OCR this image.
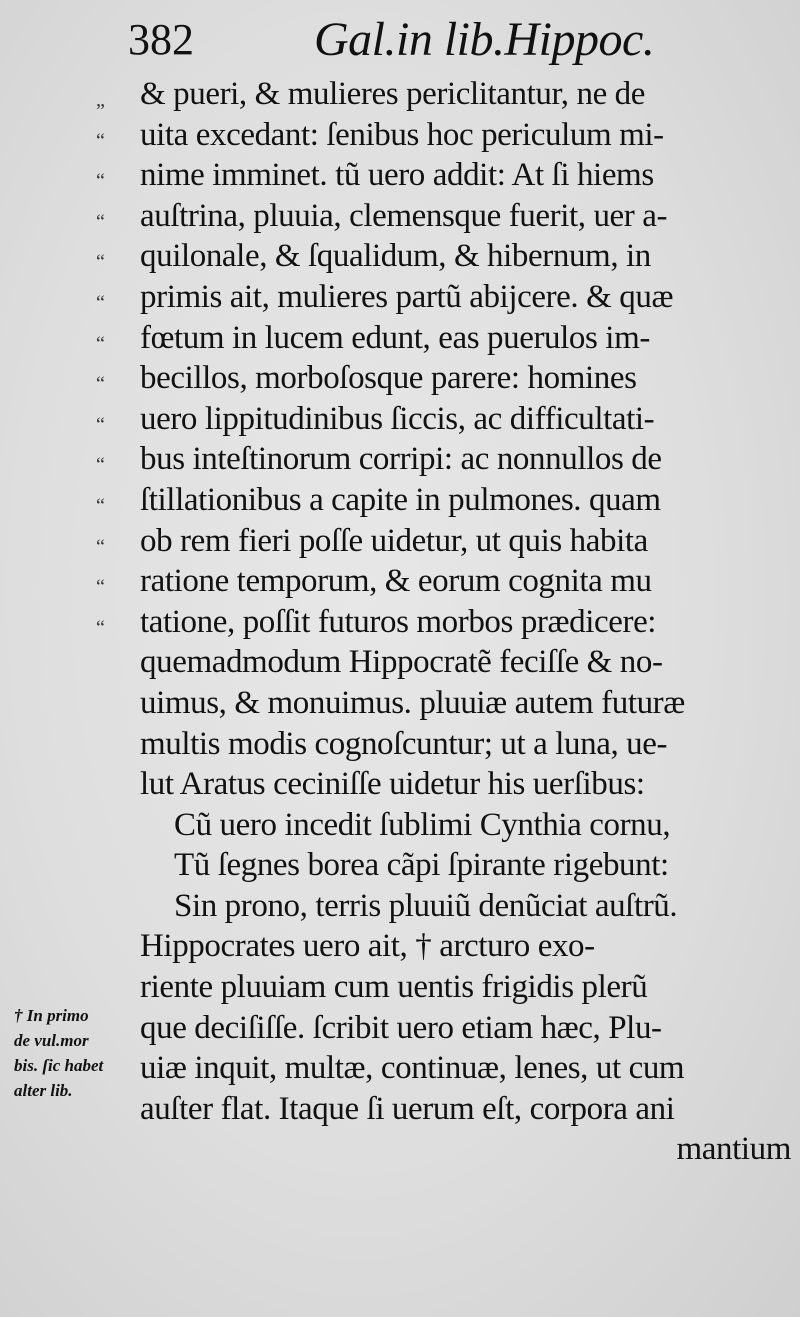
382	Gal.in lib.Hippoc.
„
“
“
“
“
“
“
“
“
“
“
“
“
“
& pueri, & mulieres periclitantur, ne de
uita excedant: ſenibus hoc periculum mi-
nime imminet. tũ uero addit: At ſi hiems
auſtrina, pluuia, clemensque fuerit, uer a-
quilonale, & ſqualidum, & hibernum, in
primis ait, mulieres partũ abijcere. & quæ
fœtum in lucem edunt, eas puerulos im-
becillos, morboſosque parere: homines
uero lippitudinibus ſiccis, ac difficultati-
bus inteſtinorum corripi: ac nonnullos de
ſtillationibus a capite in pulmones. quam
ob rem fieri poſſe uidetur, ut quis habita
ratione temporum, & eorum cognita mu
tatione, poſſit futuros morbos prædicere:
quemadmodum Hippocratẽ feciſſe & no-
uimus, & monuimus. pluuiæ autem futuræ
multis modis cognoſcuntur; ut a luna, ue-
lut Aratus ceciniſſe uidetur his uerſibus:
Cũ uero incedit ſublimi Cynthia cornu,
Tũ ſegnes borea cãpi ſpirante rigebunt:
Sin prono, terris pluuiũ denũciat auſtrũ.
Hippocrates uero ait, † arcturo exo-
riente pluuiam cum uentis frigidis plerũ
que deciſiſſe. ſcribit uero etiam hæc, Plu-
uiæ inquit, multæ, continuæ, lenes, ut cum
auſter flat. Itaque ſi uerum eſt, corpora ani
mantium
† In primo
de vul.mor
bis. ſic habet
alter lib.
